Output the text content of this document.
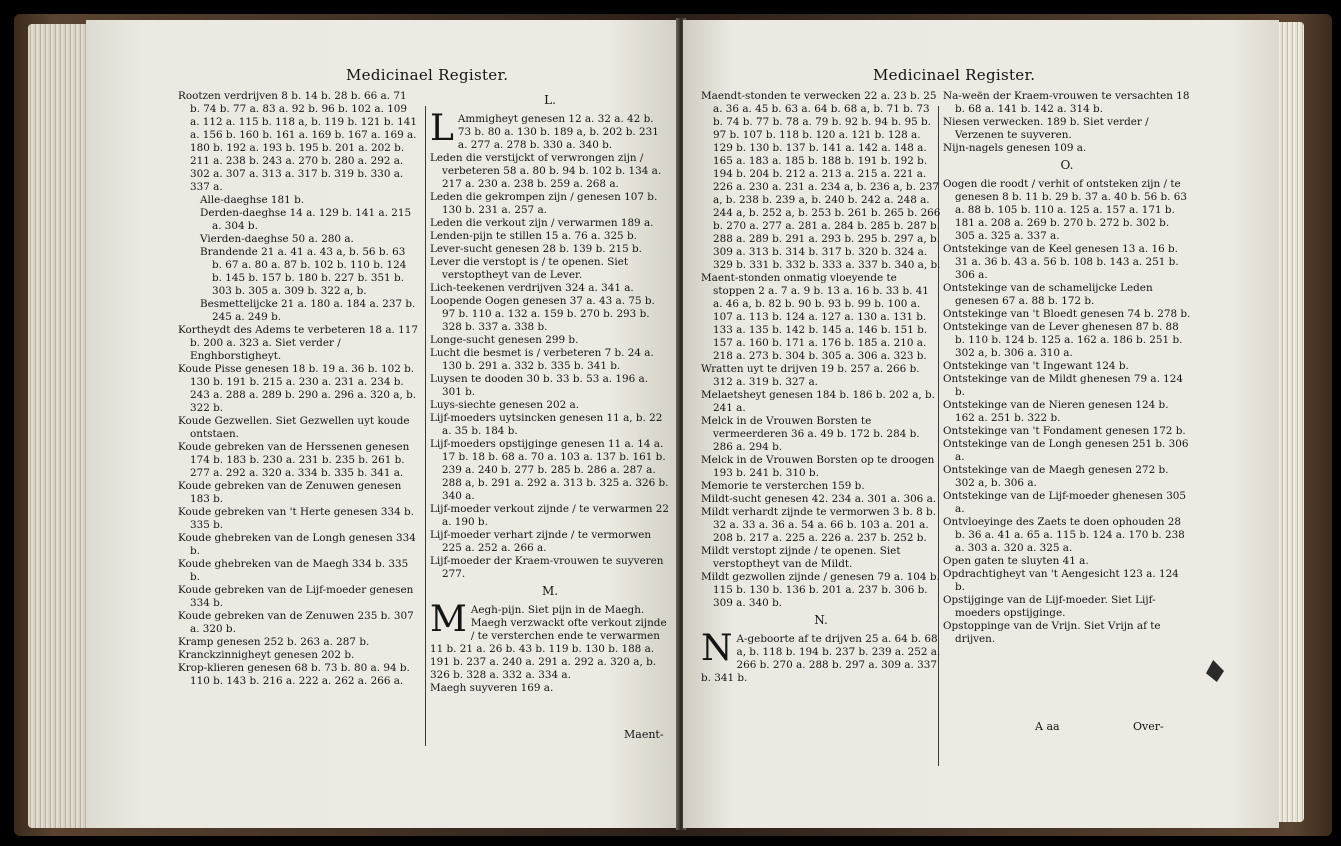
Medicinael Register.

Rootzen verdrijven 8 b. 14 b. 28 b. 66 a. 71 b. 74 b. 77 a. 83 a. 92 b. 96 b. 102 a. 109 a. 112 a. 115 b. 118 a, b. 119 b. 121 b. 141 a. 156 b. 160 b. 161 a. 169 b. 167 a. 169 a. 180 b. 192 a. 193 b. 195 b. 201 a. 202 b. 211 a. 238 b. 243 a. 270 b. 280 a. 292 a. 302 a. 307 a. 313 a. 317 b. 319 b. 330 a. 337 a.

Alle-daeghse 181 b.

Derden-daeghse 14 a. 129 b. 141 a. 215 a. 304 b.

Vierden-daeghse 50 a. 280 a.

Brandende 21 a. 41 a. 43 a, b. 56 b. 63 b. 67 a. 80 a. 87 b. 102 b. 110 b. 124 b. 145 b. 157 b. 180 b. 227 b. 351 b. 303 b. 305 a. 309 b. 322 a, b.

Besmettelijcke 21 a. 180 a. 184 a. 237 b. 245 a. 249 b.

Kortheydt des Adems te verbeteren 18 a. 117 b. 200 a. 323 a. Siet verder / Enghborstigheyt.

Koude Pisse genesen 18 b. 19 a. 36 b. 102 b. 130 b. 191 b. 215 a. 230 a. 231 a. 234 b. 243 a. 288 a. 289 b. 290 a. 296 a. 320 a, b. 322 b.

Koude Gezwellen. Siet Gezwellen uyt koude ontstaen.

Koude gebreken van de Herssenen genesen 174 b. 183 b. 230 a. 231 b. 235 b. 261 b. 277 a. 292 a. 320 a. 334 b. 335 b. 341 a.

Koude gebreken van de Zenuwen genesen 183 b.

Koude gebreken van 't Herte genesen 334 b. 335 b.

Koude ghebreken van de Longh genesen 334 b.

Koude ghebreken van de Maegh 334 b. 335 b.

Koude gebreken van de Lijf-moeder genesen 334 b.

Koude gebreken van de Zenuwen 235 b. 307 a. 320 b.

Kramp genesen 252 b. 263 a. 287 b.

Kranckzinnigheyt genesen 202 b.

Krop-klieren genesen 68 b. 73 b. 80 a. 94 b. 110 b. 143 b. 216 a. 222 a. 262 a. 266 a.

L.

L Ammigheyt genesen 12 a. 32 a. 42 b. 73 b. 80 a. 130 b. 189 a, b. 202 b. 231 a. 277 a. 278 b. 330 a. 340 b.

Leden die verstijckt of verwrongen zijn / verbeteren 58 a. 80 b. 94 b. 102 b. 134 a. 217 a. 230 a. 238 b. 259 a. 268 a.

Leden die gekrompen zijn / genesen 107 b. 130 b. 231 a. 257 a.

Leden die verkout zijn / verwarmen 189 a.

Lenden-pijn te stillen 15 a. 76 a. 325 b.

Lever-sucht genesen 28 b. 139 b. 215 b.

Lever die verstopt is / te openen. Siet verstoptheyt van de Lever.

Lich-teekenen verdrijven 324 a. 341 a.

Loopende Oogen genesen 37 a. 43 a. 75 b. 97 b. 110 a. 132 a. 159 b. 270 b. 293 b. 328 b. 337 a. 338 b.

Longe-sucht genesen 299 b.

Lucht die besmet is / verbeteren 7 b. 24 a. 130 b. 291 a. 332 b. 335 b. 341 b.

Luysen te dooden 30 b. 33 b. 53 a. 196 a. 301 b.

Luys-siechte genesen 202 a.

Lijf-moeders uytsincken genesen 11 a, b. 22 a. 35 b. 184 b.

Lijf-moeders opstijginge genesen 11 a. 14 a. 17 b. 18 b. 68 a. 70 a. 103 a. 137 b. 161 b. 239 a. 240 b. 277 b. 285 b. 286 a. 287 a. 288 a, b. 291 a. 292 a. 313 b. 325 a. 326 b. 340 a.

Lijf-moeder verkout zijnde / te verwarmen 22 a. 190 b.

Lijf-moeder verhart zijnde / te vermorwen 225 a. 252 a. 266 a.

Lijf-moeder der Kraem-vrouwen te suyveren 277.

M.

M Aegh-pijn. Siet pijn in de Maegh. Maegh verzwackt ofte verkout zijnde / te versterchen ende te verwarmen 11 b. 21 a. 26 b. 43 b. 119 b. 130 b. 188 a. 191 b. 237 a. 240 a. 291 a. 292 a. 320 a, b. 326 b. 328 a. 332 a. 334 a.

Maegh suyveren 169 a.

Maent-
Medicinael Register.

Maendt-stonden te verwecken 22 a. 23 b. 25 a. 36 a. 45 b. 63 a. 64 b. 68 a, b. 71 b. 73 b. 74 b. 77 b. 78 a. 79 b. 92 b. 94 b. 95 b. 97 b. 107 b. 118 b. 120 a. 121 b. 128 a. 129 b. 130 b. 137 b. 141 a. 142 a. 148 a. 165 a. 183 a. 185 b. 188 b. 191 b. 192 b. 194 b. 204 b. 212 a. 213 a. 215 a. 221 a. 226 a. 230 a. 231 a. 234 a, b. 236 a, b. 237 a, b. 238 b. 239 a, b. 240 b. 242 a. 248 a. 244 a, b. 252 a, b. 253 b. 261 b. 265 b. 266 b. 270 a. 277 a. 281 a. 284 b. 285 b. 287 b. 288 a. 289 b. 291 a. 293 b. 295 b. 297 a, b. 309 a. 313 b. 314 b. 317 b. 320 b. 324 a. 329 b. 331 b. 332 b. 333 a. 337 b. 340 a, b.

Maent-stonden onmatig vloeyende te stoppen 2 a. 7 a. 9 b. 13 a. 16 b. 33 b. 41 a. 46 a, b. 82 b. 90 b. 93 b. 99 b. 100 a. 107 a. 113 b. 124 a. 127 a. 130 a. 131 b. 133 a. 135 b. 142 b. 145 a. 146 b. 151 b. 157 a. 160 b. 171 a. 176 b. 185 a. 210 a. 218 a. 273 b. 304 b. 305 a. 306 a. 323 b.

Wratten uyt te drijven 19 b. 257 a. 266 b. 312 a. 319 b. 327 a.

Melaetsheyt genesen 184 b. 186 b. 202 a, b. 241 a.

Melck in de Vrouwen Borsten te vermeerderen 36 a. 49 b. 172 b. 284 b. 286 a. 294 b.

Melck in de Vrouwen Borsten op te droogen 193 b. 241 b. 310 b.

Memorie te versterchen 159 b.

Mildt-sucht genesen 42. 234 a. 301 a. 306 a.

Mildt verhardt zijnde te vermorwen 3 b. 8 b. 32 a. 33 a. 36 a. 54 a. 66 b. 103 a. 201 a. 208 b. 217 a. 225 a. 226 a. 237 b. 252 b.

Mildt verstopt zijnde / te openen. Siet verstoptheyt van de Mildt.

Mildt gezwollen zijnde / genesen 79 a. 104 b. 115 b. 130 b. 136 b. 201 a. 237 b. 306 b. 309 a. 340 b.

N.

N A-geboorte af te drijven 25 a. 64 b. 68 a, b. 118 b. 194 b. 237 b. 239 a. 252 a. 266 b. 270 a. 288 b. 297 a. 309 a. 337 b. 341 b.

Na-weën der Kraem-vrouwen te versachten 18 b. 68 a. 141 b. 142 a. 314 b.

Niesen verwecken. 189 b. Siet verder / Verzenen te suyveren.

Nijn-nagels genesen 109 a.

O.

Oogen die roodt / verhit of ontsteken zijn / te genesen 8 b. 11 b. 29 b. 37 a. 40 b. 56 b. 63 a. 88 b. 105 b. 110 a. 125 a. 157 a. 171 b. 181 a. 208 a. 269 b. 270 b. 272 b. 302 b. 305 a. 325 a. 337 a.

Ontstekinge van de Keel genesen 13 a. 16 b. 31 a. 36 b. 43 a. 56 b. 108 b. 143 a. 251 b. 306 a.

Ontstekinge van de schamelijcke Leden genesen 67 a. 88 b. 172 b.

Ontstekinge van 't Bloedt genesen 74 b. 278 b.

Ontstekinge van de Lever ghenesen 87 b. 88 b. 110 b. 124 b. 125 a. 162 a. 186 b. 251 b. 302 a, b. 306 a. 310 a.

Ontstekinge van 't Ingewant 124 b.

Ontstekinge van de Mildt ghenesen 79 a. 124 b.

Ontstekinge van de Nieren genesen 124 b. 162 a. 251 b. 322 b.

Ontstekinge van 't Fondament genesen 172 b.

Ontstekinge van de Longh genesen 251 b. 306 a.

Ontstekinge van de Maegh genesen 272 b. 302 a, b. 306 a.

Ontstekinge van de Lijf-moeder ghenesen 305 a.

Ontvloeyinge des Zaets te doen ophouden 28 b. 36 a. 41 a. 65 a. 115 b. 124 a. 170 b. 238 a. 303 a. 320 a. 325 a.

Open gaten te sluyten 41 a.

Opdrachtigheyt van 't Aengesicht 123 a. 124 b.

Opstijginge van de Lijf-moeder. Siet Lijf-moeders opstijginge.

Opstoppinge van de Vrijn. Siet Vrijn af te drijven.

A aa	Over-
